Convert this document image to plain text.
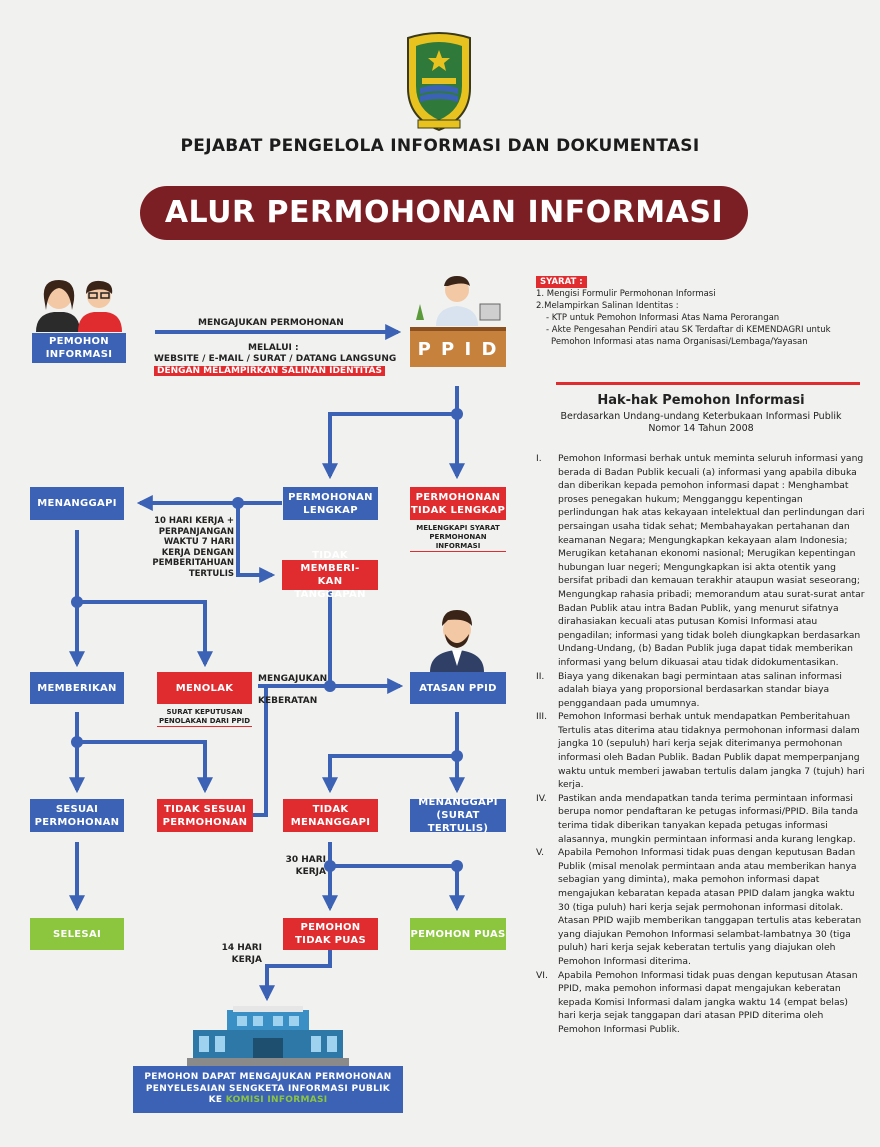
PEJABAT PENGELOLA INFORMASI DAN DOKUMENTASI
ALUR PERMOHONAN INFORMASI
PEMOHON
INFORMASI	P P I D
MENGAJUKAN PERMOHONAN
MELALUI :
WEBSITE / E-MAIL / SURAT / DATANG LANGSUNG
DENGAN MELAMPIRKAN SALINAN IDENTITAS
PERMOHONAN
LENGKAP
PERMOHONAN
TIDAK LENGKAP
MELENGKAPI SYARAT
PERMOHONAN INFORMASI
MENANGGAPI
10 HARI KERJA +
PERPANJANGAN
WAKTU 7 HARI
KERJA DENGAN
PEMBERITAHUAN
TERTULIS
TIDAK MEMBERI-
KAN TANGGAPAN
MEMBERIKAN	MENOLAK
SURAT KEPUTUSAN
PENOLAKAN DARI PPID
MENGAJUKAN
KEBERATAN
ATASAN PPID
SESUAI
PERMOHONAN
TIDAK SESUAI
PERMOHONAN
TIDAK
MENANGGAPI
MENANGGAPI
(SURAT TERTULIS)
30 HARI
KERJA
SELESAI
PEMOHON
TIDAK PUAS
PEMOHON PUAS
14 HARI
KERJA
PEMOHON DAPAT MENGAJUKAN PERMOHONAN
PENYELESAIAN SENGKETA INFORMASI PUBLIK
KE KOMISI INFORMASI
SYARAT :
1. Mengisi Formulir Permohonan Informasi
2.Melampirkan Salinan Identitas :
- KTP untuk Pemohon Informasi Atas Nama Perorangan
- Akte Pengesahan Pendiri atau SK Terdaftar di KEMENDAGRI untuk
Pemohon Informasi atas nama Organisasi/Lembaga/Yayasan
Hak-hak Pemohon Informasi
Berdasarkan Undang-undang Keterbukaan Informasi Publik Nomor 14 Tahun 2008
I.	Pemohon Informasi berhak untuk meminta seluruh informasi yang berada di Badan Publik kecuali (a) informasi yang apabila dibuka dan diberikan kepada pemohon informasi dapat : Menghambat proses penegakan hukum; Mengganggu kepentingan perlindungan hak atas kekayaan intelektual dan perlindungan dari persaingan usaha tidak sehat; Membahayakan pertahanan dan keamanan Negara; Mengungkapkan kekayaan alam Indonesia; Merugikan ketahanan ekonomi nasional; Merugikan kepentingan hubungan luar negeri; Mengungkapkan isi akta otentik yang bersifat pribadi dan kemauan terakhir ataupun wasiat seseorang; Mengungkap rahasia pribadi; memorandum atau surat-surat antar Badan Publik atau intra Badan Publik, yang menurut sifatnya dirahasiakan kecuali atas putusan Komisi Informasi atau pengadilan; informasi yang tidak boleh diungkapkan berdasarkan Undang-Undang, (b) Badan Publik juga dapat tidak memberikan informasi yang belum dikuasai atau tidak didokumentasikan.
II.	Biaya yang dikenakan bagi permintaan atas salinan informasi adalah biaya yang proporsional berdasarkan standar biaya penggandaan pada umumnya.
III.	Pemohon Informasi berhak untuk mendapatkan Pemberitahuan Tertulis atas diterima atau tidaknya permohonan informasi dalam jangka 10 (sepuluh) hari kerja sejak diterimanya permohonan informasi oleh Badan Publik. Badan Publik dapat memperpanjang waktu untuk memberi jawaban tertulis dalam jangka 7 (tujuh) hari kerja.
IV.	Pastikan anda mendapatkan tanda terima permintaan informasi berupa nomor pendaftaran ke petugas informasi/PPID. Bila tanda terima tidak diberikan tanyakan kepada petugas informasi alasannya, mungkin permintaan informasi anda kurang lengkap.
V.	Apabila Pemohon Informasi tidak puas dengan keputusan Badan Publik (misal menolak permintaan anda atau memberikan hanya sebagian yang diminta), maka pemohon informasi dapat mengajukan kebaratan kepada atasan PPID dalam jangka waktu 30 (tiga puluh) hari kerja sejak permohonan informasi ditolak. Atasan PPID wajib memberikan tanggapan tertulis atas keberatan yang diajukan Pemohon Informasi selambat-lambatnya 30 (tiga puluh) hari kerja sejak keberatan tertulis yang diajukan oleh Pemohon Informasi diterima.
VI.	Apabila Pemohon Informasi tidak puas dengan keputusan Atasan PPID, maka pemohon informasi dapat mengajukan keberatan kepada Komisi Informasi dalam jangka waktu 14 (empat belas) hari kerja sejak tanggapan dari atasan PPID diterima oleh Pemohon Informasi Publik.
